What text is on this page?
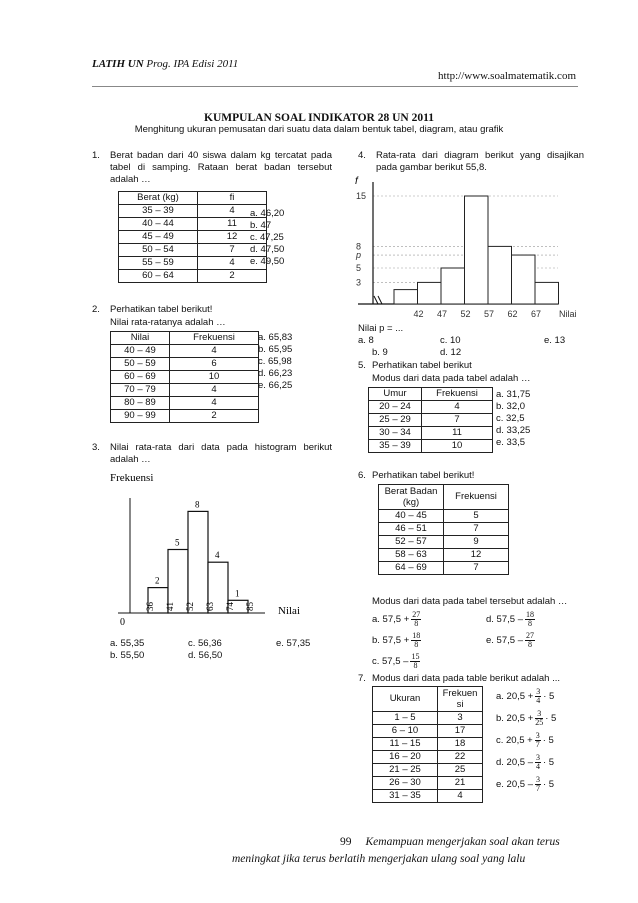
LATIH UN Prog. IPA Edisi 2011
http://www.soalmatematik.com
KUMPULAN SOAL INDIKATOR 28 UN 2011
Menghitung ukuran pemusatan dari suatu data dalam bentuk tabel, diagram, atau grafik
1. Berat badan dari 40 siswa dalam kg tercatat pada tabel di samping. Rataan berat badan tersebut adalah …
Berat (kg)	fi
35 – 39	4
40 – 44	11
45 – 49	12
50 – 54	7
55 – 59	4
60 – 64	2
a. 46,20
b. 47
c. 47,25
d. 47,50
e. 49,50
2. Perhatikan tabel berikut!
Nilai rata-ratanya adalah …
Nilai	Frekuensi
40 – 49	4
50 – 59	6
60 – 69	10
70 – 79	4
80 – 89	4
90 – 99	2
a. 65,83
b. 65,95
c. 65,98
d. 66,23
e. 66,25
3. Nilai rata-rata dari data pada histogram berikut adalah …
Frekuensi
0
Nilai
2
5
8
4
1
36 41 52 63 74 85
a. 55,35
b. 55,50
c. 56,36
d. 56,50
e. 57,35
4. Rata-rata dari diagram berikut yang disajikan pada gambar berikut 55,8.
f
Nilai
3
5
p
8
15
42 47 52 57 62 67
Nilai p = ...
a. 8
b. 9
c. 10
d. 12
e. 13
5. Perhatikan tabel berikut
Modus dari data pada tabel adalah …
Umur	Frekuensi
20 – 24	4
25 – 29	7
30 – 34	11
35 – 39	10
a. 31,75
b. 32,0
c. 32,5
d. 33,25
e. 33,5
6. Perhatikan tabel berikut!
Berat Badan (kg)	Frekuensi
40 – 45	5
46 – 51	7
52 – 57	9
58 – 63	12
64 – 69	7
Modus dari data pada tabel tersebut adalah …
a. $57,5 + \frac{27}{8}$	d. $57,5 - \frac{18}{8}$
b. $57,5 + \frac{18}{8}$	e. $57,5 - \frac{27}{8}$
c. $57,5 - \frac{15}{8}$
7. Modus dari data pada table berikut adalah ...
Ukuran	Frekuensi
1 – 5	3
6 – 10	17
11 – 15	18
16 – 20	22
21 – 25	25
26 – 30	21
31 – 35	4
a. $20,5 + \frac{3}{4} \cdot 5$
b. $20,5 + \frac{3}{25} \cdot 5$
c. $20,5 + \frac{3}{7} \cdot 5$
d. $20,5 - \frac{3}{4} \cdot 5$
e. $20,5 - \frac{3}{7} \cdot 5$
99 Kemampuan mengerjakan soal akan terus
meningkat jika terus berlatih mengerjakan ulang soal yang lalu
